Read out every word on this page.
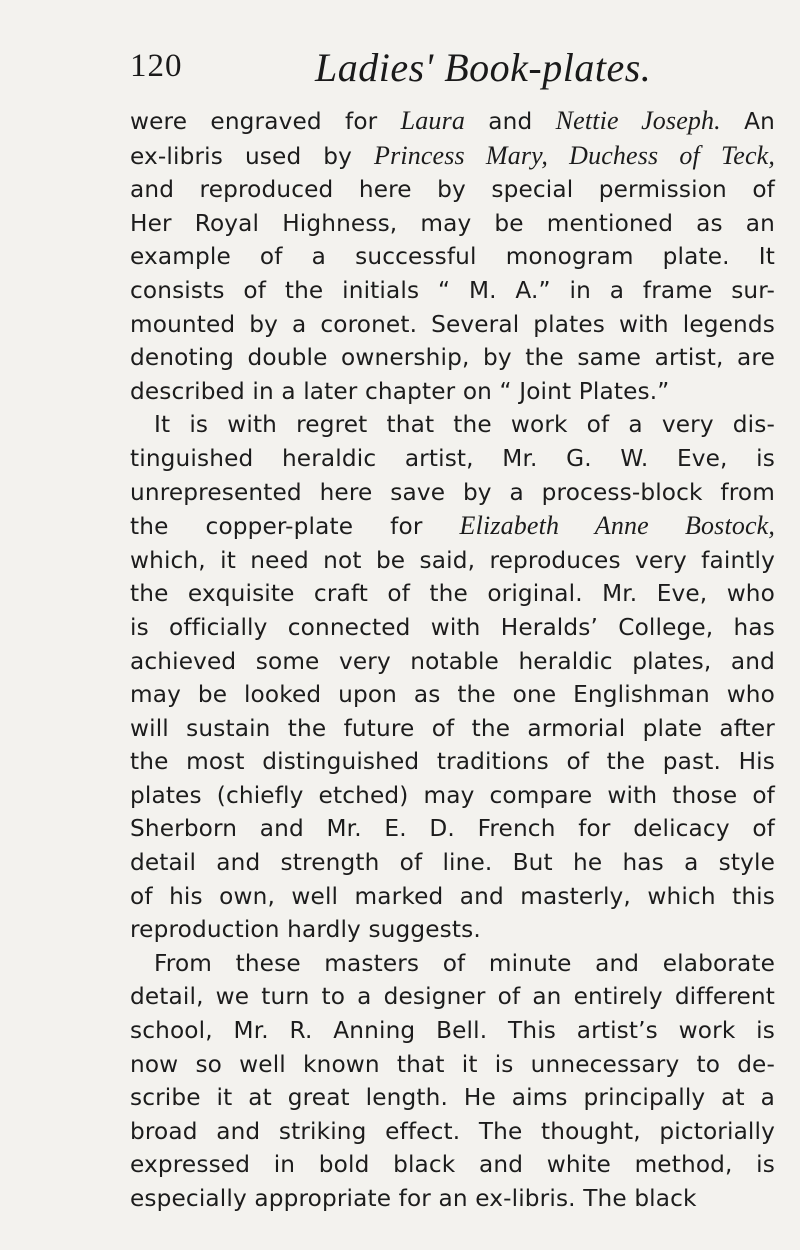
120	Ladies' Book-plates.
were engraved for Laura and Nettie Joseph. An
ex-libris used by Princess Mary, Duchess of Teck,
and reproduced here by special permission of
Her Royal Highness, may be mentioned as an
example of a successful monogram plate. It
consists of the initials “ M. A.” in a frame sur-
mounted by a coronet. Several plates with legends
denoting double ownership, by the same artist, are
described in a later chapter on “ Joint Plates.”
It is with regret that the work of a very dis-
tinguished heraldic artist, Mr. G. W. Eve, is
unrepresented here save by a process-block from
the copper-plate for Elizabeth Anne Bostock,
which, it need not be said, reproduces very faintly
the exquisite craft of the original. Mr. Eve, who
is officially connected with Heralds’ College, has
achieved some very notable heraldic plates, and
may be looked upon as the one Englishman who
will sustain the future of the armorial plate after
the most distinguished traditions of the past. His
plates (chiefly etched) may compare with those of
Sherborn and Mr. E. D. French for delicacy of
detail and strength of line. But he has a style
of his own, well marked and masterly, which this
reproduction hardly suggests.
From these masters of minute and elaborate
detail, we turn to a designer of an entirely different
school, Mr. R. Anning Bell. This artist’s work is
now so well known that it is unnecessary to de-
scribe it at great length. He aims principally at a
broad and striking effect. The thought, pictorially
expressed in bold black and white method, is
especially appropriate for an ex-libris. The black
